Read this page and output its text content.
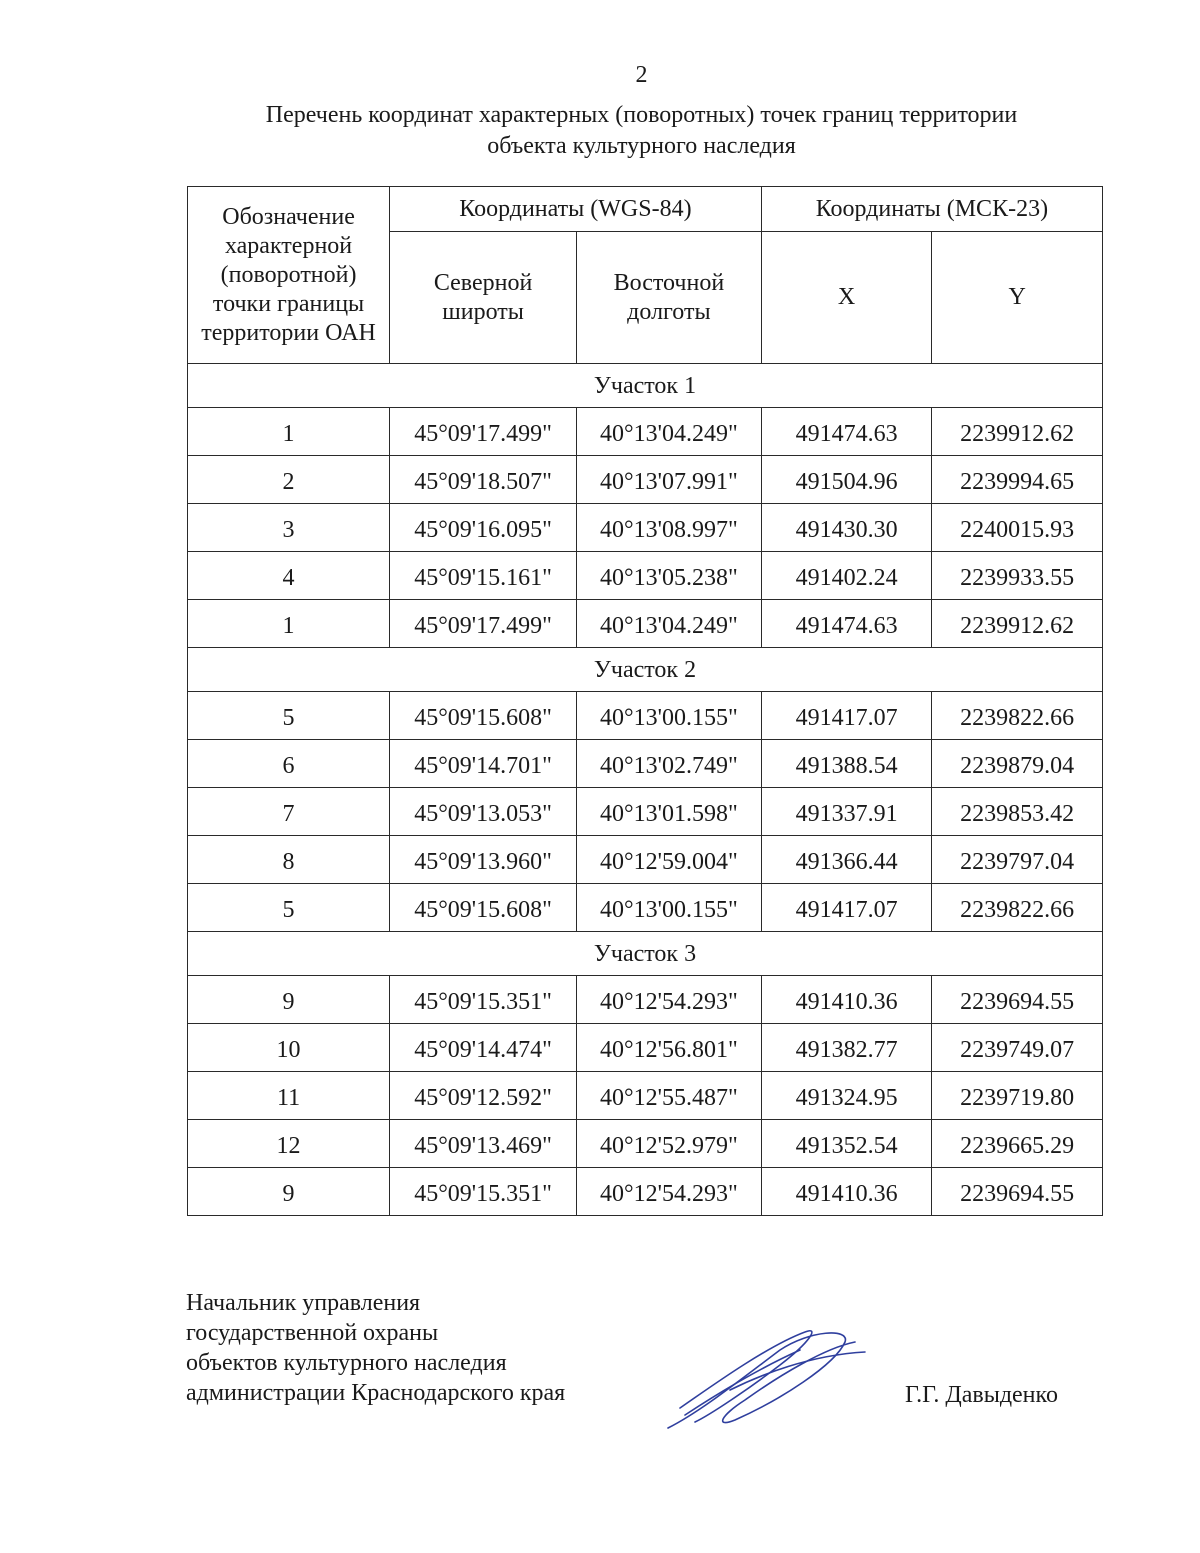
2
Перечень координат характерных (поворотных) точек границ территории
объекта культурного наследия
Обозначение характерной (поворотной) точки границы территории ОАН	Координаты (WGS-84)		Координаты (МСК-23)	
	Северной широты	Восточной долготы	X	Y
Участок 1				
1	45°09'17.499"	40°13'04.249"	491474.63	2239912.62
2	45°09'18.507"	40°13'07.991"	491504.96	2239994.65
3	45°09'16.095"	40°13'08.997"	491430.30	2240015.93
4	45°09'15.161"	40°13'05.238"	491402.24	2239933.55
1	45°09'17.499"	40°13'04.249"	491474.63	2239912.62
Участок 2				
5	45°09'15.608"	40°13'00.155"	491417.07	2239822.66
6	45°09'14.701"	40°13'02.749"	491388.54	2239879.04
7	45°09'13.053"	40°13'01.598"	491337.91	2239853.42
8	45°09'13.960"	40°12'59.004"	491366.44	2239797.04
5	45°09'15.608"	40°13'00.155"	491417.07	2239822.66
Участок 3				
9	45°09'15.351"	40°12'54.293"	491410.36	2239694.55
10	45°09'14.474"	40°12'56.801"	491382.77	2239749.07
11	45°09'12.592"	40°12'55.487"	491324.95	2239719.80
12	45°09'13.469"	40°12'52.979"	491352.54	2239665.29
9	45°09'15.351"	40°12'54.293"	491410.36	2239694.55
Начальник управления
государственной охраны
объектов культурного наследия
администрации Краснодарского края	Г.Г. Давыденко
